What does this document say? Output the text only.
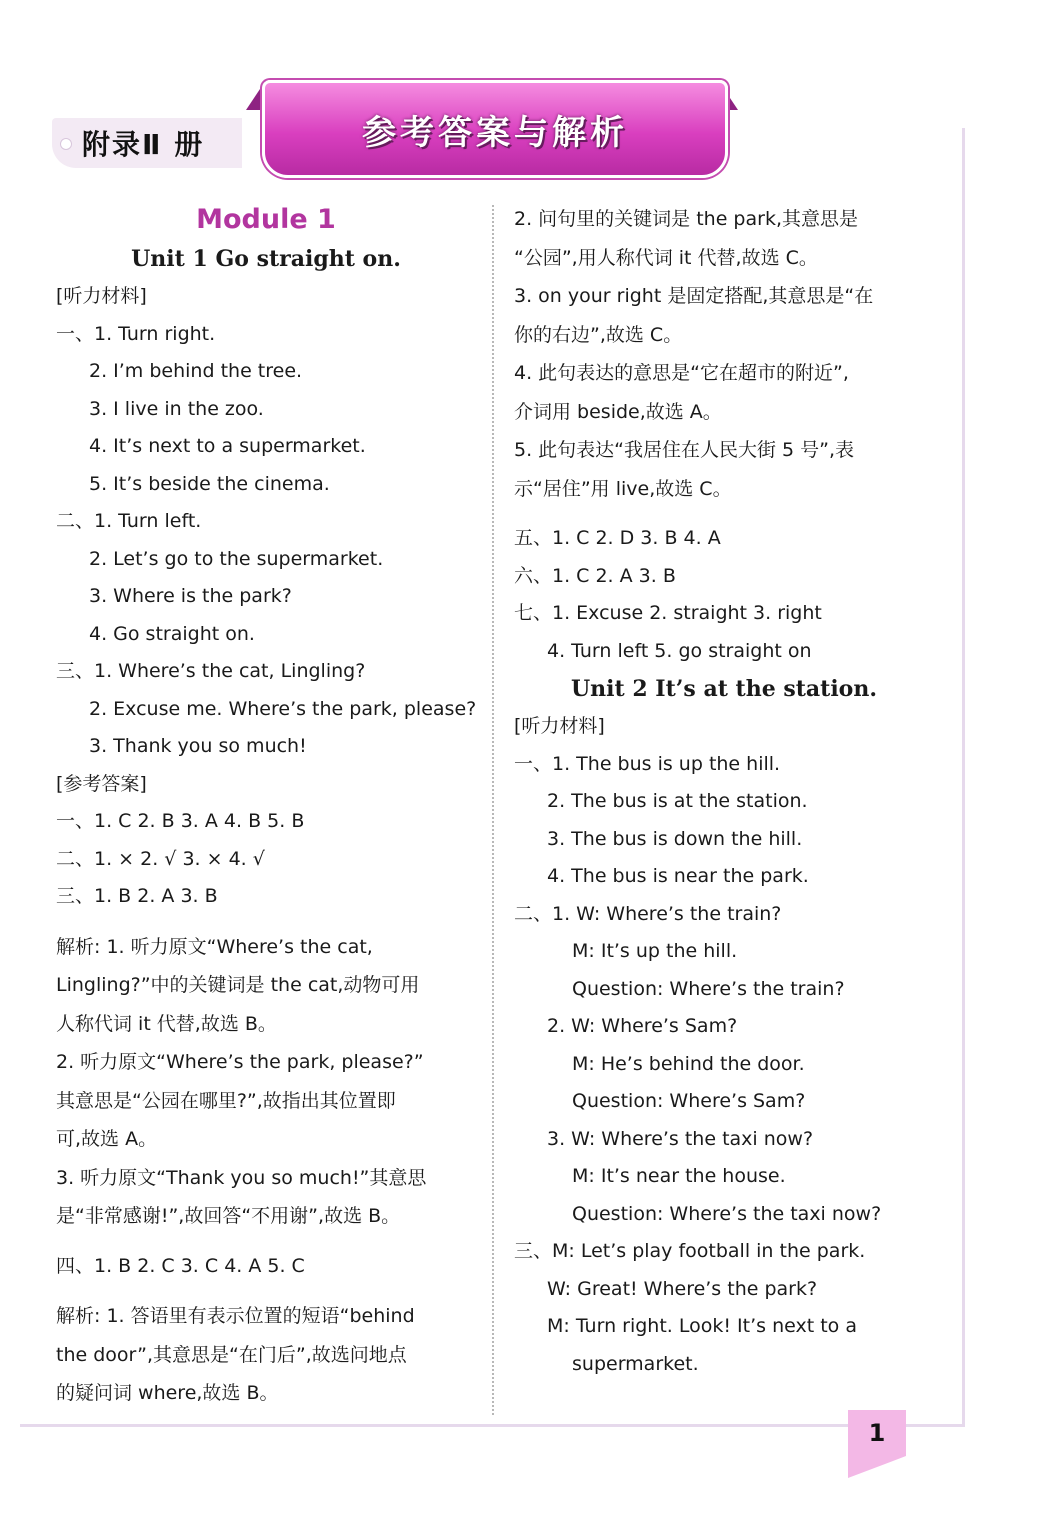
附录Ⅱ 册	参考答案与解析
Module 1
Unit 1 Go straight on.
[听力材料]
一、1. Turn right.
2. I’m behind the tree.
3. I live in the zoo.
4. It’s next to a supermarket.
5. It’s beside the cinema.
二、1. Turn left.
2. Let’s go to the supermarket.
3. Where is the park?
4. Go straight on.
三、1. Where’s the cat, Lingling?
2. Excuse me. Where’s the park, please?
3. Thank you so much!
[参考答案]
一、1. C 2. B 3. A 4. B 5. B
二、1. × 2. √ 3. × 4. √
三、1. B 2. A 3. B
解析: 1. 听力原文“Where’s the cat,
Lingling?”中的关键词是 the cat,动物可用
人称代词 it 代替,故选 B。
2. 听力原文“Where’s the park, please?”
其意思是“公园在哪里?”,故指出其位置即
可,故选 A。
3. 听力原文“Thank you so much!”其意思
是“非常感谢!”,故回答“不用谢”,故选 B。
四、1. B 2. C 3. C 4. A 5. C
解析: 1. 答语里有表示位置的短语“behind
the door”,其意思是“在门后”,故选问地点
的疑问词 where,故选 B。
2. 问句里的关键词是 the park,其意思是
“公园”,用人称代词 it 代替,故选 C。
3. on your right 是固定搭配,其意思是“在
你的右边”,故选 C。
4. 此句表达的意思是“它在超市的附近”,
介词用 beside,故选 A。
5. 此句表达“我居住在人民大街 5 号”,表
示“居住”用 live,故选 C。
五、1. C 2. D 3. B 4. A
六、1. C 2. A 3. B
七、1. Excuse 2. straight 3. right
4. Turn left 5. go straight on
Unit 2 It’s at the station.
[听力材料]
一、1. The bus is up the hill.
2. The bus is at the station.
3. The bus is down the hill.
4. The bus is near the park.
二、1. W: Where’s the train?
M: It’s up the hill.
Question: Where’s the train?
2. W: Where’s Sam?
M: He’s behind the door.
Question: Where’s Sam?
3. W: Where’s the taxi now?
M: It’s near the house.
Question: Where’s the taxi now?
三、M: Let’s play football in the park.
W: Great! Where’s the park?
M: Turn right. Look! It’s next to a
supermarket.
1
